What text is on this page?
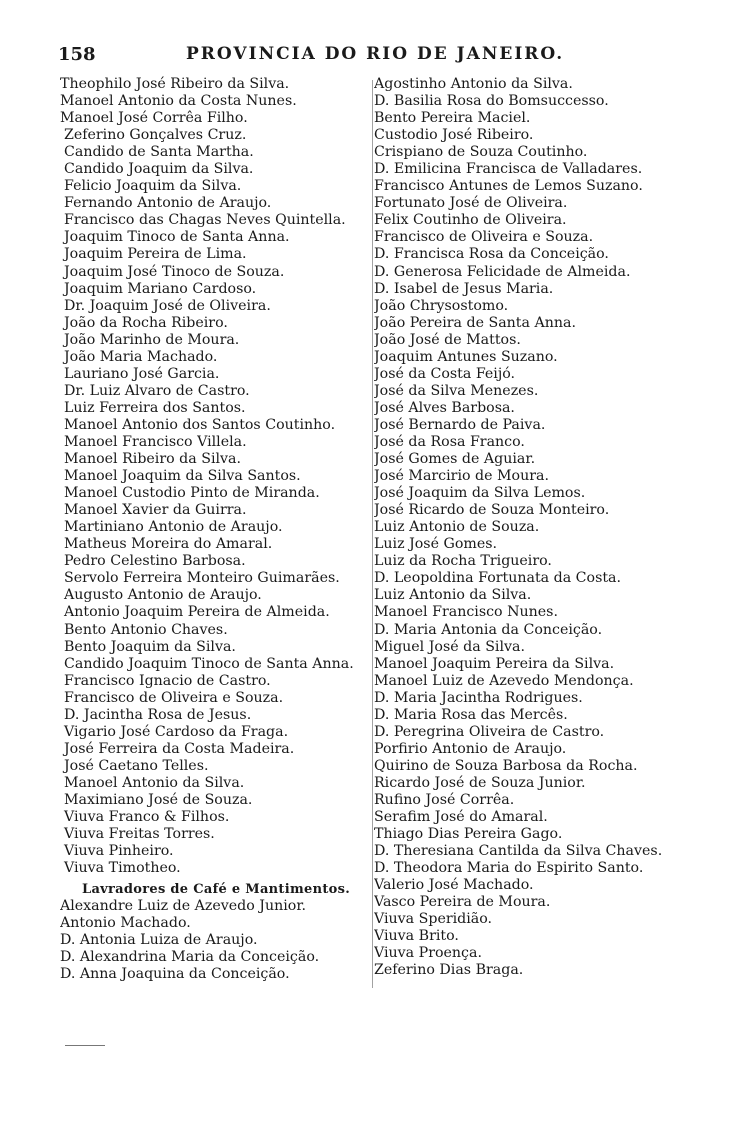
158	PROVINCIA DO RIO DE JANEIRO.
Theophilo José Ribeiro da Silva.
Manoel Antonio da Costa Nunes.
Manoel José Corrêa Filho.
Zeferino Gonçalves Cruz.
Candido de Santa Martha.
Candido Joaquim da Silva.
Felicio Joaquim da Silva.
Fernando Antonio de Araujo.
Francisco das Chagas Neves Quintella.
Joaquim Tinoco de Santa Anna.
Joaquim Pereira de Lima.
Joaquim José Tinoco de Souza.
Joaquim Mariano Cardoso.
Dr. Joaquim José de Oliveira.
João da Rocha Ribeiro.
João Marinho de Moura.
João Maria Machado.
Lauriano José Garcia.
Dr. Luiz Alvaro de Castro.
Luiz Ferreira dos Santos.
Manoel Antonio dos Santos Coutinho.
Manoel Francisco Villela.
Manoel Ribeiro da Silva.
Manoel Joaquim da Silva Santos.
Manoel Custodio Pinto de Miranda.
Manoel Xavier da Guirra.
Martiniano Antonio de Araujo.
Matheus Moreira do Amaral.
Pedro Celestino Barbosa.
Servolo Ferreira Monteiro Guimarães.
Augusto Antonio de Araujo.
Antonio Joaquim Pereira de Almeida.
Bento Antonio Chaves.
Bento Joaquim da Silva.
Candido Joaquim Tinoco de Santa Anna.
Francisco Ignacio de Castro.
Francisco de Oliveira e Souza.
D. Jacintha Rosa de Jesus.
Vigario José Cardoso da Fraga.
José Ferreira da Costa Madeira.
José Caetano Telles.
Manoel Antonio da Silva.
Maximiano José de Souza.
Viuva Franco & Filhos.
Viuva Freitas Torres.
Viuva Pinheiro.
Viuva Timotheo.
Lavradores de Café e Mantimentos.
Alexandre Luiz de Azevedo Junior.
Antonio Machado.
D. Antonia Luiza de Araujo.
D. Alexandrina Maria da Conceição.
D. Anna Joaquina da Conceição.
Agostinho Antonio da Silva.
D. Basilia Rosa do Bomsuccesso.
Bento Pereira Maciel.
Custodio José Ribeiro.
Crispiano de Souza Coutinho.
D. Emilicina Francisca de Valladares.
Francisco Antunes de Lemos Suzano.
Fortunato José de Oliveira.
Felix Coutinho de Oliveira.
Francisco de Oliveira e Souza.
D. Francisca Rosa da Conceição.
D. Generosa Felicidade de Almeida.
D. Isabel de Jesus Maria.
João Chrysostomo.
João Pereira de Santa Anna.
João José de Mattos.
Joaquim Antunes Suzano.
José da Costa Feijó.
José da Silva Menezes.
José Alves Barbosa.
José Bernardo de Paiva.
José da Rosa Franco.
José Gomes de Aguiar.
José Marcirio de Moura.
José Joaquim da Silva Lemos.
José Ricardo de Souza Monteiro.
Luiz Antonio de Souza.
Luiz José Gomes.
Luiz da Rocha Trigueiro.
D. Leopoldina Fortunata da Costa.
Luiz Antonio da Silva.
Manoel Francisco Nunes.
D. Maria Antonia da Conceição.
Miguel José da Silva.
Manoel Joaquim Pereira da Silva.
Manoel Luiz de Azevedo Mendonça.
D. Maria Jacintha Rodrigues.
D. Maria Rosa das Mercês.
D. Peregrina Oliveira de Castro.
Porfirio Antonio de Araujo.
Quirino de Souza Barbosa da Rocha.
Ricardo José de Souza Junior.
Rufino José Corrêa.
Serafim José do Amaral.
Thiago Dias Pereira Gago.
D. Theresiana Cantilda da Silva Chaves.
D. Theodora Maria do Espirito Santo.
Valerio José Machado.
Vasco Pereira de Moura.
Viuva Speridião.
Viuva Brito.
Viuva Proença.
Zeferino Dias Braga.
